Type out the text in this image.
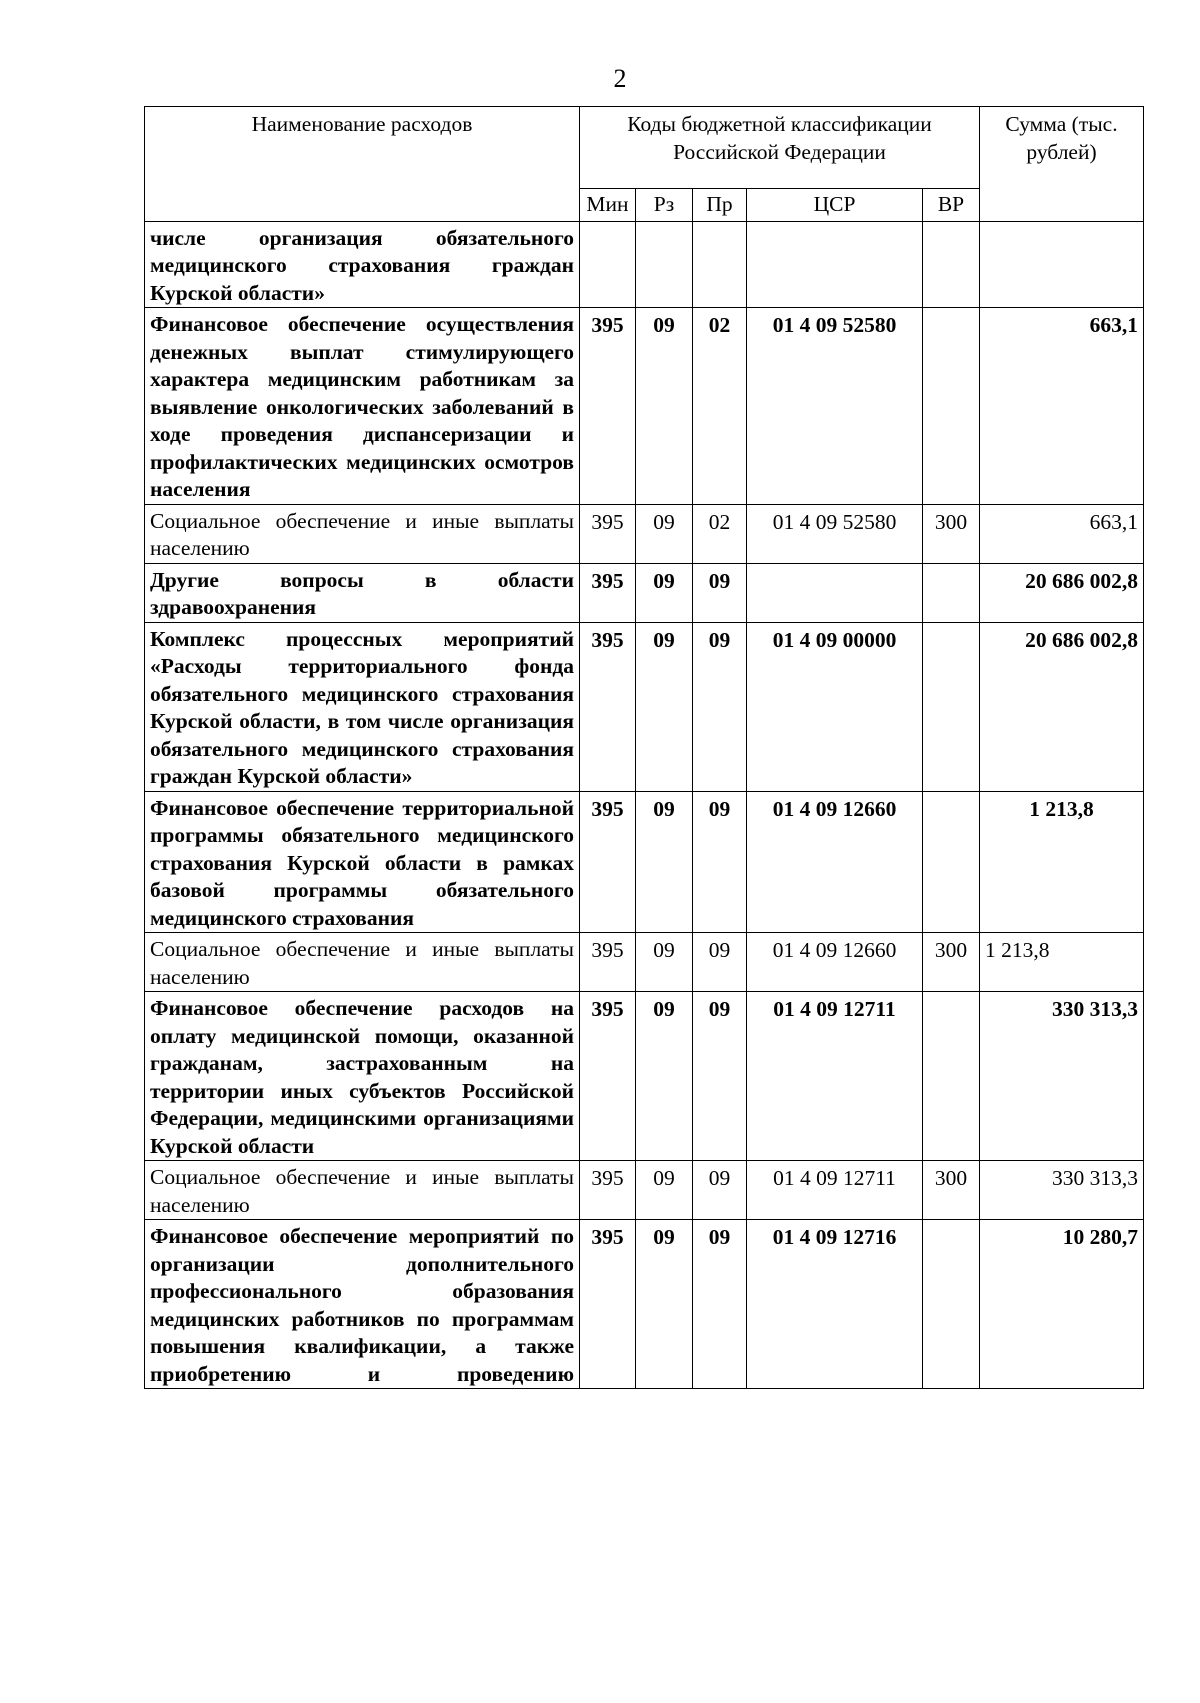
2
Наименование расходов	Коды бюджетной классификации Российской Федерации					Сумма (тыс. рублей)
	Мин	Рз	Пр	ЦСР	ВР	
числе организация обязательного медицинского страхования граждан Курской области»						
Финансовое обеспечение осуществления денежных выплат стимулирующего характера медицинским работникам за выявление онкологических заболеваний в ходе проведения диспансеризации и профилактических медицинских осмотров населения	395	09	02	01 4 09 52580		663,1
Социальное обеспечение и иные выплаты населению	395	09	02	01 4 09 52580	300	663,1
Другие вопросы в области здравоохранения	395	09	09			20 686 002,8
Комплекс процессных мероприятий «Расходы территориального фонда обязательного медицинского страхования Курской области, в том числе организация обязательного медицинского страхования граждан Курской области»	395	09	09	01 4 09 00000		20 686 002,8
Финансовое обеспечение территориальной программы обязательного медицинского страхования Курской области в рамках базовой программы обязательного медицинского страхования	395	09	09	01 4 09 12660		1 213,8
Социальное обеспечение и иные выплаты населению	395	09	09	01 4 09 12660	300	1 213,8
Финансовое обеспечение расходов на оплату медицинской помощи, оказанной гражданам, застрахованным на территории иных субъектов Российской Федерации, медицинскими организациями Курской области	395	09	09	01 4 09 12711		330 313,3
Социальное обеспечение и иные выплаты населению	395	09	09	01 4 09 12711	300	330 313,3
Финансовое обеспечение мероприятий по организации дополнительного профессионального образования медицинских работников по программам повышения квалификации, а также приобретению и проведению	395	09	09	01 4 09 12716		10 280,7
